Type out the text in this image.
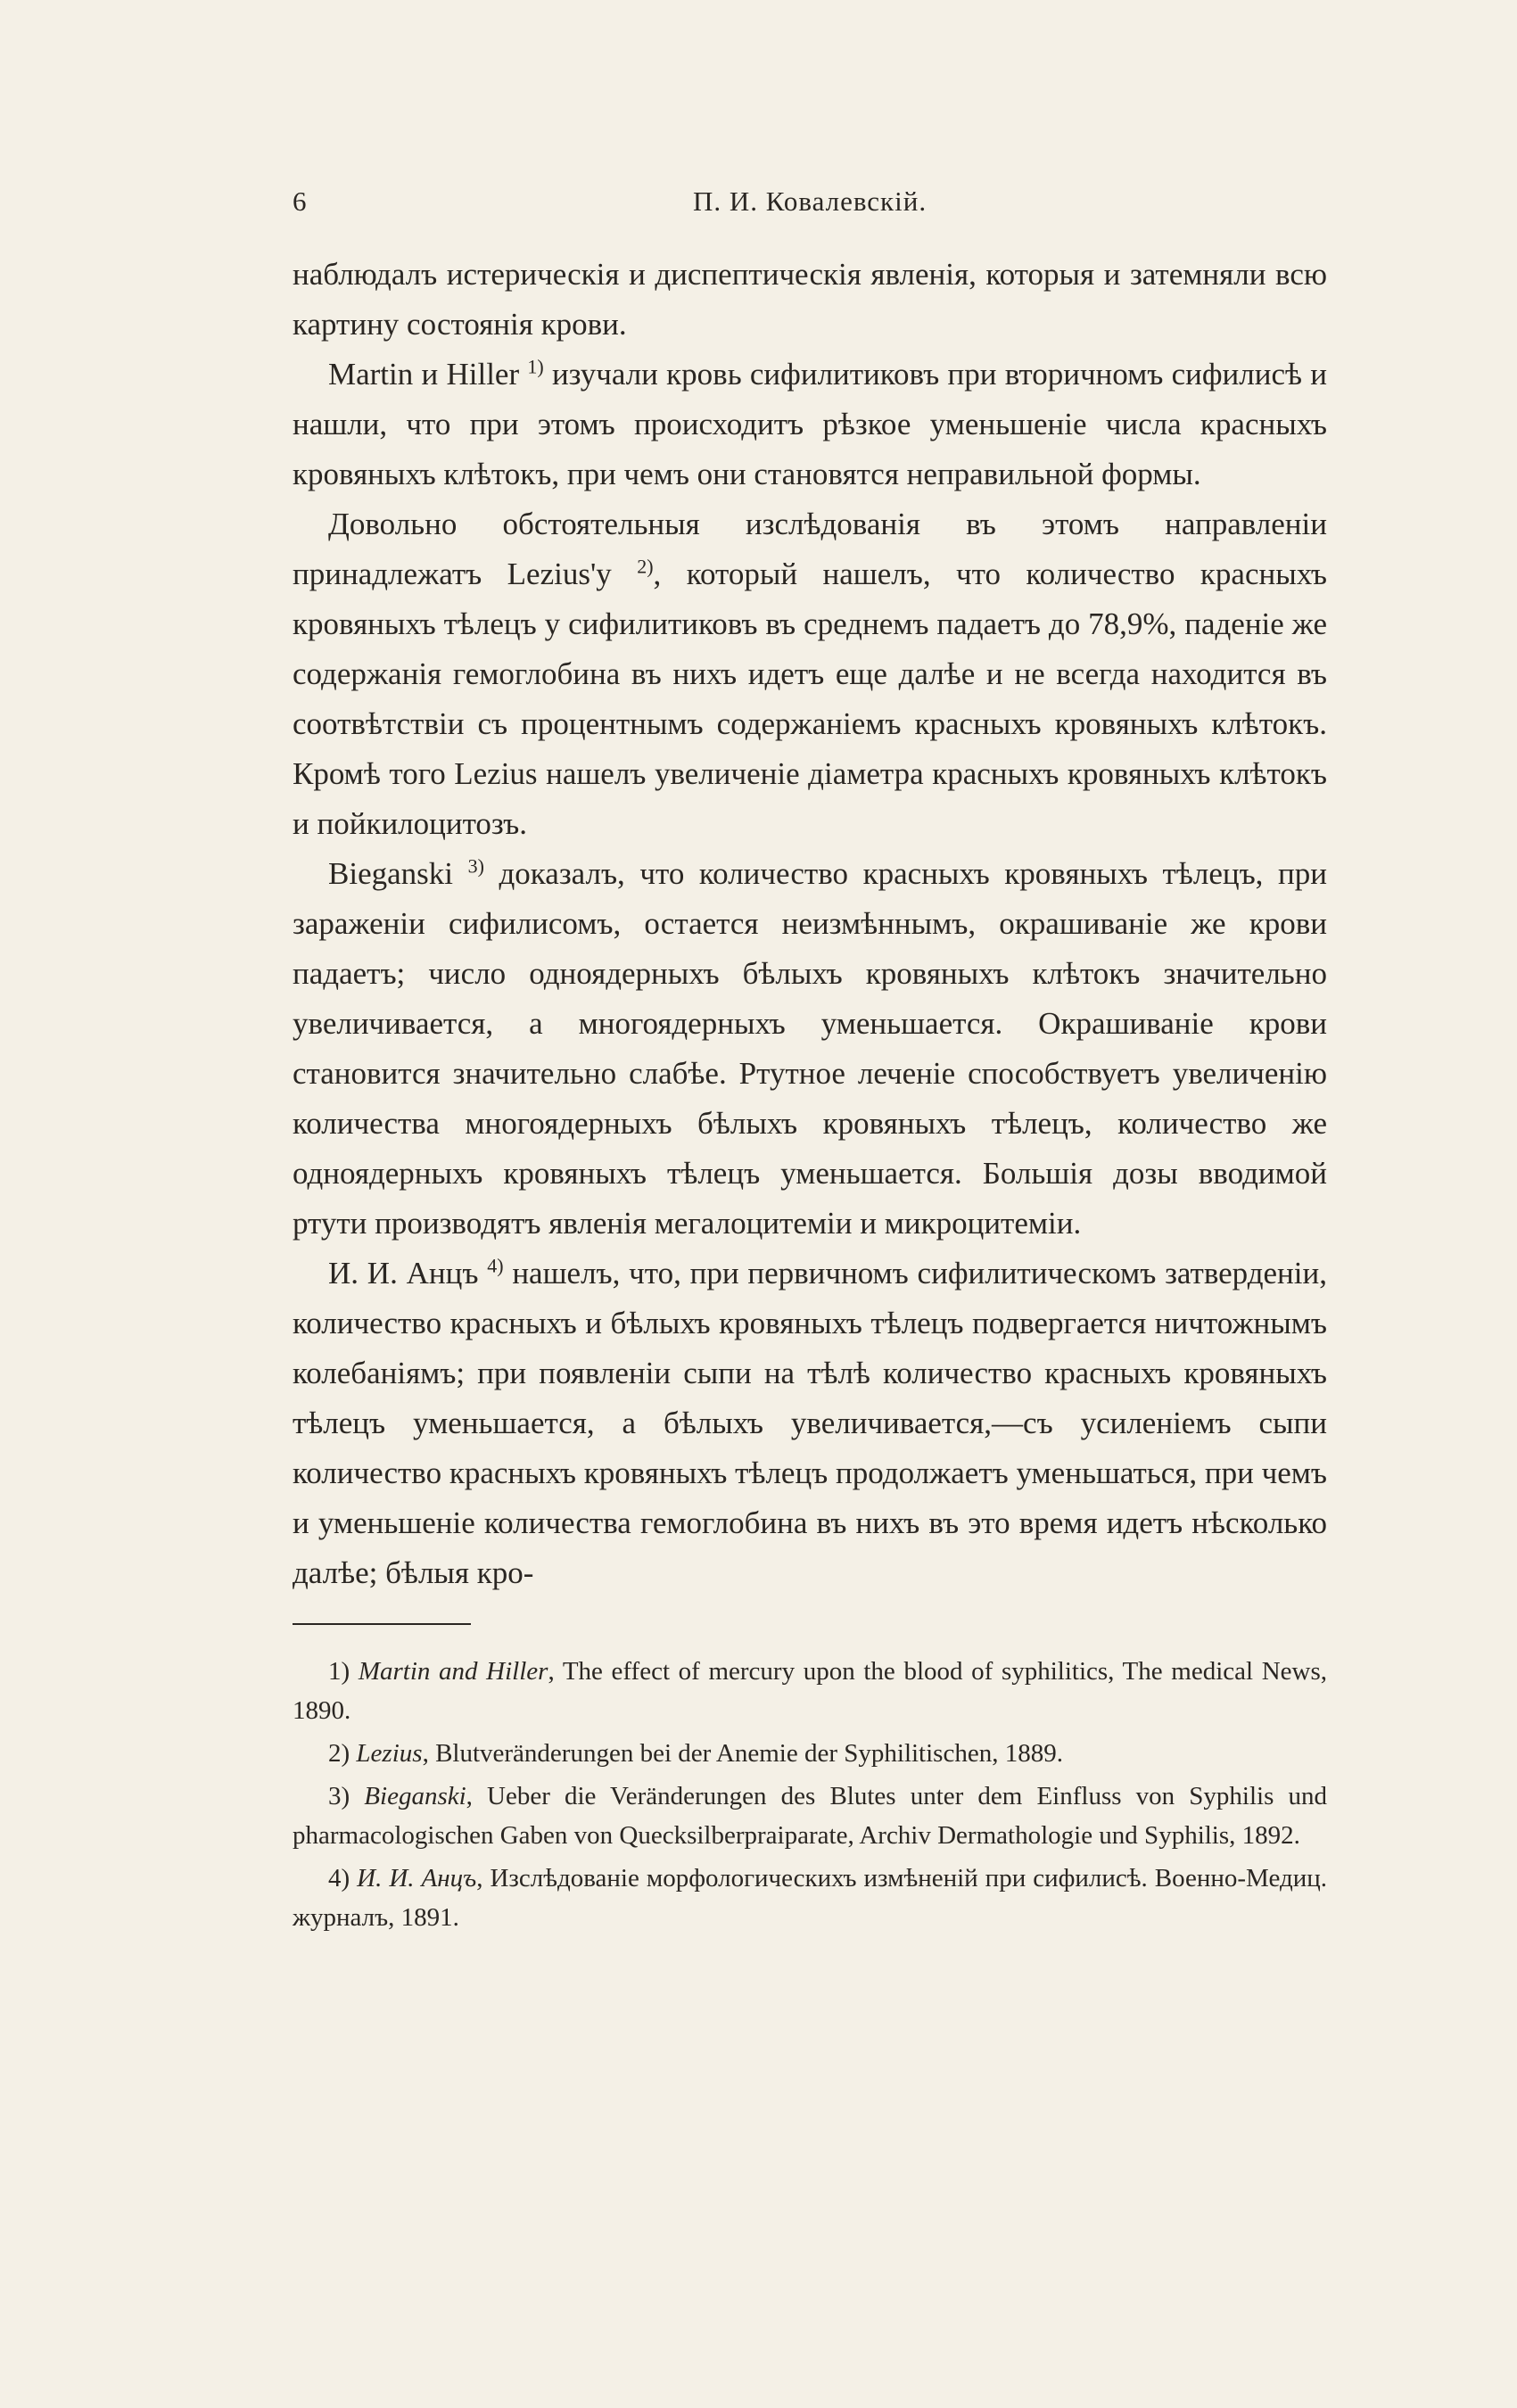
6	П. И. Ковалевскій.

наблюдалъ истерическія и диспептическія явленія, которыя и затемняли всю картину состоянія крови.

Martin и Hiller $^{1)}$ изучали кровь сифилитиковъ при вторичномъ сифилисѣ и нашли, что при этомъ происходитъ рѣзкое уменьшеніе числа красныхъ кровяныхъ клѣтокъ, при чемъ они становятся неправильной формы.

Довольно обстоятельныя изслѣдованія въ этомъ направленіи принадлежатъ Lezius'у $^{2)}$, который нашелъ, что количество красныхъ кровяныхъ тѣлецъ у сифилитиковъ въ среднемъ падаетъ до 78,9%, паденіе же содержанія гемоглобина въ нихъ идетъ еще далѣе и не всегда находится въ соотвѣтствіи съ процентнымъ содержаніемъ красныхъ кровяныхъ клѣтокъ. Кромѣ того Lezius нашелъ увеличеніе діаметра красныхъ кровяныхъ клѣтокъ и пойкилоцитозъ.

Bieganski $^{3)}$ доказалъ, что количество красныхъ кровяныхъ тѣлецъ, при зараженіи сифилисомъ, остается неизмѣннымъ, окрашиваніе же крови падаетъ; число одноядерныхъ бѣлыхъ кровяныхъ клѣтокъ значительно увеличивается, а многоядерныхъ уменьшается. Окрашиваніе крови становится значительно слабѣе. Ртутное леченіе способствуетъ увеличенію количества многоядерныхъ бѣлыхъ кровяныхъ тѣлецъ, количество же одноядерныхъ кровяныхъ тѣлецъ уменьшается. Большія дозы вводимой ртути производятъ явленія мегалоцитеміи и микроцитеміи.

И. И. Анцъ $^{4)}$ нашелъ, что, при первичномъ сифилитическомъ затверденіи, количество красныхъ и бѣлыхъ кровяныхъ тѣлецъ подвергается ничтожнымъ колебаніямъ; при появленіи сыпи на тѣлѣ количество красныхъ кровяныхъ тѣлецъ уменьшается, а бѣлыхъ увеличивается,—съ усиленіемъ сыпи количество красныхъ кровяныхъ тѣлецъ продолжаетъ уменьшаться, при чемъ и уменьшеніе количества гемоглобина въ нихъ въ это время идетъ нѣсколько далѣе; бѣлыя кро-

1) Martin and Hiller, The effect of mercury upon the blood of syphilitics, The medical News, 1890.

2) Lezius, Blutveränderungen bei der Anemie der Syphilitischen, 1889.

3) Bieganski, Ueber die Veränderungen des Blutes unter dem Einfluss von Syphilis und pharmacologischen Gaben von Quecksilberpraiparate, Archiv Dermathologie und Syphilis, 1892.

4) И. И. Анцъ, Изслѣдованіе морфологическихъ измѣненій при сифилисѣ. Военно-Медиц. журналъ, 1891.
